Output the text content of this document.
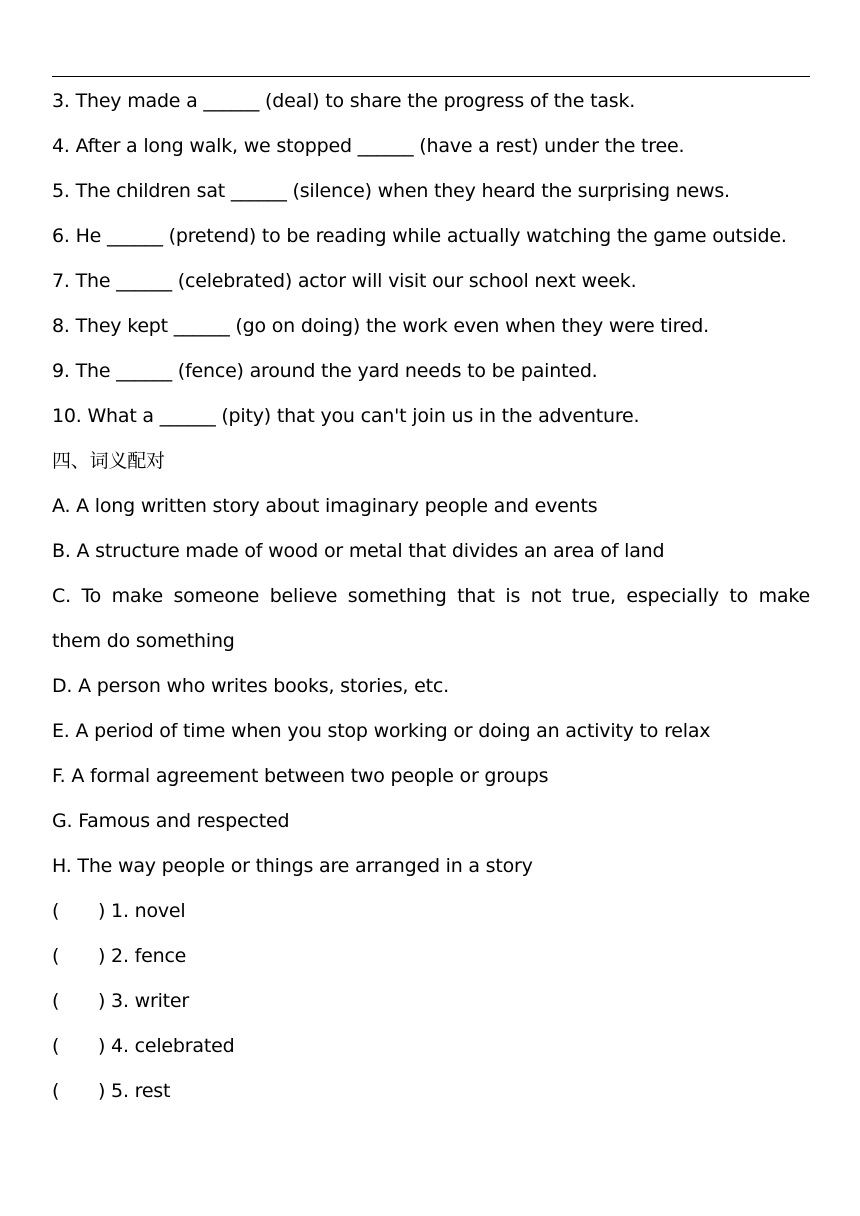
3. They made a ______ (deal) to share the progress of the task.
4. After a long walk, we stopped ______ (have a rest) under the tree.
5. The children sat ______ (silence) when they heard the surprising news.
6. He ______ (pretend) to be reading while actually watching the game outside.
7. The ______ (celebrated) actor will visit our school next week.
8. They kept ______ (go on doing) the work even when they were tired.
9. The ______ (fence) around the yard needs to be painted.
10. What a ______ (pity) that you can't join us in the adventure.
四、词义配对
A. A long written story about imaginary people and events
B. A structure made of wood or metal that divides an area of land
C. To make someone believe something that is not true, especially to make
them do something
D. A person who writes books, stories, etc.
E. A period of time when you stop working or doing an activity to relax
F. A formal agreement between two people or groups
G. Famous and respected
H. The way people or things are arranged in a story
( ) 1. novel
( ) 2. fence
( ) 3. writer
( ) 4. celebrated
( ) 5. rest
